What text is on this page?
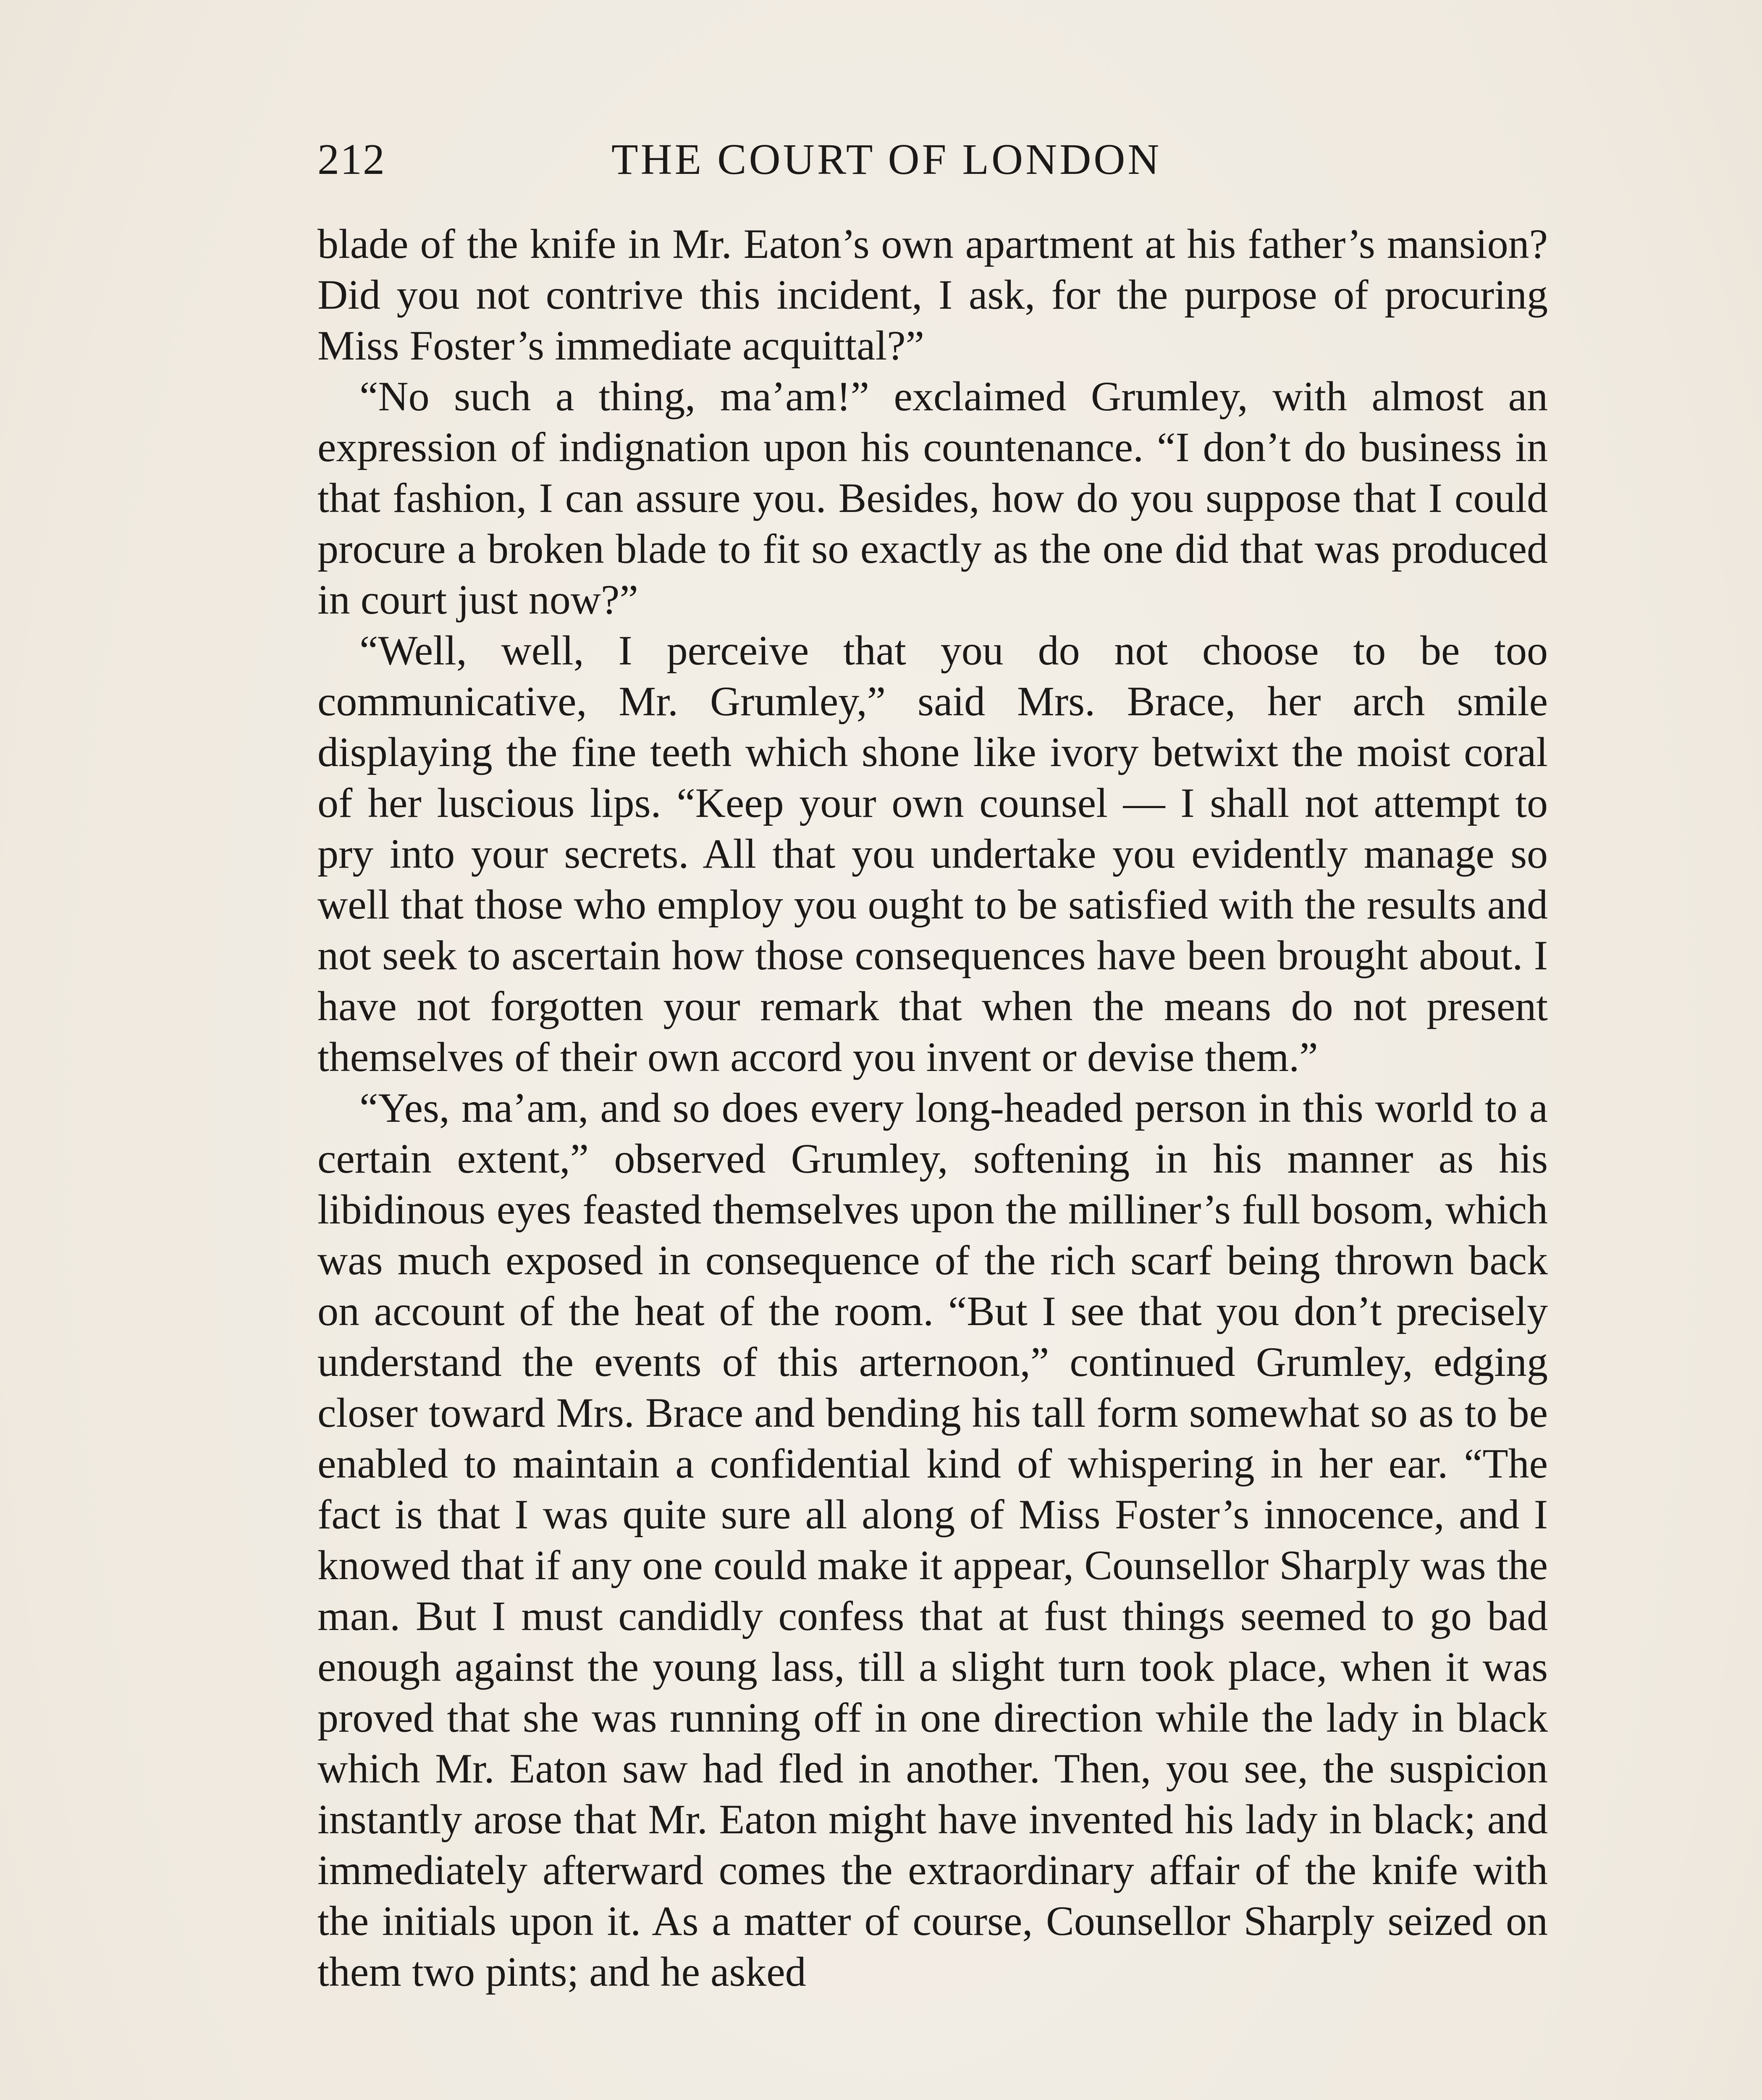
212	THE COURT OF LONDON

blade of the knife in Mr. Eaton’s own apartment at his father’s mansion? Did you not contrive this incident, I ask, for the purpose of procuring Miss Foster’s immediate acquittal?”

“No such a thing, ma’am!” exclaimed Grumley, with almost an expression of indignation upon his countenance. “I don’t do business in that fashion, I can assure you. Besides, how do you suppose that I could procure a broken blade to fit so exactly as the one did that was produced in court just now?”

“Well, well, I perceive that you do not choose to be too communicative, Mr. Grumley,” said Mrs. Brace, her arch smile displaying the fine teeth which shone like ivory betwixt the moist coral of her luscious lips. “Keep your own counsel — I shall not attempt to pry into your secrets. All that you undertake you evidently manage so well that those who employ you ought to be satisfied with the results and not seek to ascertain how those consequences have been brought about. I have not forgotten your remark that when the means do not present themselves of their own accord you invent or devise them.”

“Yes, ma’am, and so does every long-headed person in this world to a certain extent,” observed Grumley, softening in his manner as his libidinous eyes feasted themselves upon the milliner’s full bosom, which was much exposed in consequence of the rich scarf being thrown back on account of the heat of the room. “But I see that you don’t precisely understand the events of this arternoon,” continued Grumley, edging closer toward Mrs. Brace and bending his tall form somewhat so as to be enabled to maintain a confidential kind of whispering in her ear. “The fact is that I was quite sure all along of Miss Foster’s innocence, and I knowed that if any one could make it appear, Counsellor Sharply was the man. But I must candidly confess that at fust things seemed to go bad enough against the young lass, till a slight turn took place, when it was proved that she was running off in one direction while the lady in black which Mr. Eaton saw had fled in another. Then, you see, the suspicion instantly arose that Mr. Eaton might have invented his lady in black; and immediately afterward comes the extraordinary affair of the knife with the initials upon it. As a matter of course, Counsellor Sharply seized on them two pints; and he asked
